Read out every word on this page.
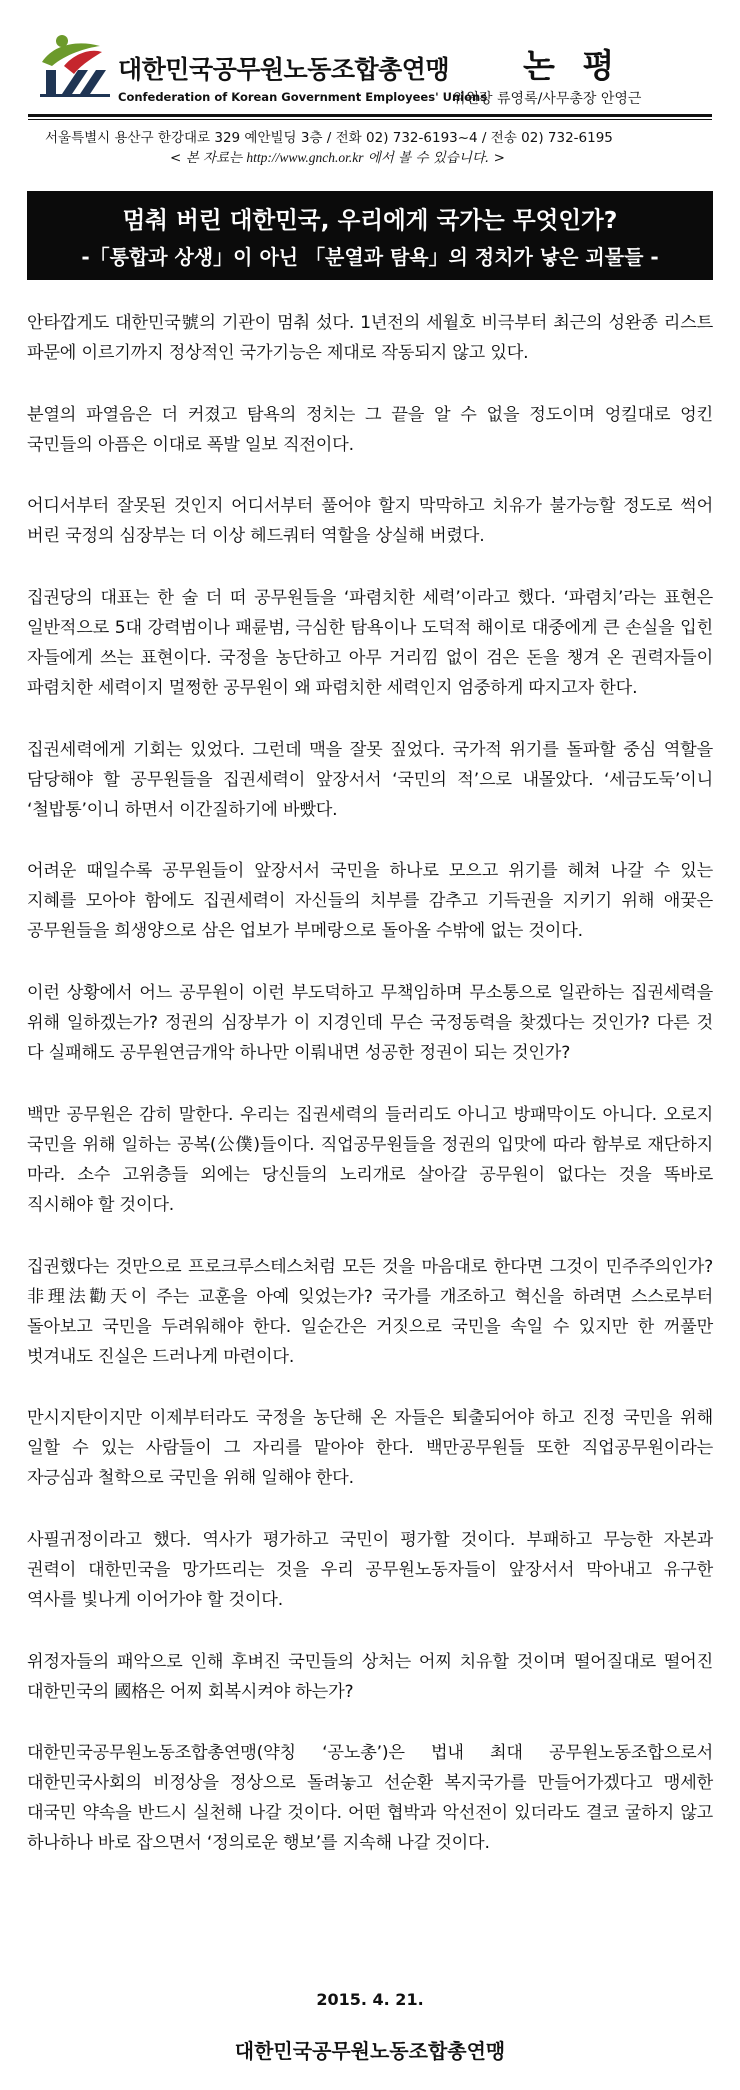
대한민국공무원노동조합총연맹
Confederation of Korean Government Employees' Unions
논 평
위원장 류영록/사무총장 안영근
서울특별시 용산구 한강대로 329 예안빌딩 3층 / 전화 02) 732-6193~4 / 전송 02) 732-6195
< 본 자료는 http://www.gnch.or.kr 에서 볼 수 있습니다. >
멈춰 버린 대한민국, 우리에게 국가는 무엇인가?
-「통합과 상생」이 아닌 「분열과 탐욕」의 정치가 낳은 괴물들 -

안타깝게도 대한민국號의 기관이 멈춰 섰다. 1년전의 세월호 비극부터 최근의 성완종 리스트 파문에 이르기까지 정상적인 국가기능은 제대로 작동되지 않고 있다.

분열의 파열음은 더 커졌고 탐욕의 정치는 그 끝을 알 수 없을 정도이며 엉킬대로 엉킨 국민들의 아픔은 이대로 폭발 일보 직전이다.

어디서부터 잘못된 것인지 어디서부터 풀어야 할지 막막하고 치유가 불가능할 정도로 썩어 버린 국정의 심장부는 더 이상 헤드쿼터 역할을 상실해 버렸다.

집권당의 대표는 한 술 더 떠 공무원들을 ‘파렴치한 세력’이라고 했다. ‘파렴치’라는 표현은 일반적으로 5대 강력범이나 패륜범, 극심한 탐욕이나 도덕적 해이로 대중에게 큰 손실을 입힌 자들에게 쓰는 표현이다. 국정을 농단하고 아무 거리낌 없이 검은 돈을 챙겨 온 권력자들이 파렴치한 세력이지 멀쩡한 공무원이 왜 파렴치한 세력인지 엄중하게 따지고자 한다.

집권세력에게 기회는 있었다. 그런데 맥을 잘못 짚었다. 국가적 위기를 돌파할 중심 역할을 담당해야 할 공무원들을 집권세력이 앞장서서 ‘국민의 적’으로 내몰았다. ‘세금도둑’이니 ‘철밥통’이니 하면서 이간질하기에 바빴다.

어려운 때일수록 공무원들이 앞장서서 국민을 하나로 모으고 위기를 헤쳐 나갈 수 있는 지혜를 모아야 함에도 집권세력이 자신들의 치부를 감추고 기득권을 지키기 위해 애꿎은 공무원들을 희생양으로 삼은 업보가 부메랑으로 돌아올 수밖에 없는 것이다.

이런 상황에서 어느 공무원이 이런 부도덕하고 무책임하며 무소통으로 일관하는 집권세력을 위해 일하겠는가? 정권의 심장부가 이 지경인데 무슨 국정동력을 찾겠다는 것인가? 다른 것 다 실패해도 공무원연금개악 하나만 이뤄내면 성공한 정권이 되는 것인가?

백만 공무원은 감히 말한다. 우리는 집권세력의 들러리도 아니고 방패막이도 아니다. 오로지 국민을 위해 일하는 공복(公僕)들이다. 직업공무원들을 정권의 입맛에 따라 함부로 재단하지 마라. 소수 고위층들 외에는 당신들의 노리개로 살아갈 공무원이 없다는 것을 똑바로 직시해야 할 것이다.

집권했다는 것만으로 프로크루스테스처럼 모든 것을 마음대로 한다면 그것이 민주주의인가? 非理法勸天이 주는 교훈을 아예 잊었는가? 국가를 개조하고 혁신을 하려면 스스로부터 돌아보고 국민을 두려워해야 한다. 일순간은 거짓으로 국민을 속일 수 있지만 한 꺼풀만 벗겨내도 진실은 드러나게 마련이다.

만시지탄이지만 이제부터라도 국정을 농단해 온 자들은 퇴출되어야 하고 진정 국민을 위해 일할 수 있는 사람들이 그 자리를 맡아야 한다. 백만공무원들 또한 직업공무원이라는 자긍심과 철학으로 국민을 위해 일해야 한다.

사필귀정이라고 했다. 역사가 평가하고 국민이 평가할 것이다. 부패하고 무능한 자본과 권력이 대한민국을 망가뜨리는 것을 우리 공무원노동자들이 앞장서서 막아내고 유구한 역사를 빛나게 이어가야 할 것이다.

위정자들의 패악으로 인해 후벼진 국민들의 상처는 어찌 치유할 것이며 떨어질대로 떨어진 대한민국의 國格은 어찌 회복시켜야 하는가?

대한민국공무원노동조합총연맹(약칭 ‘공노총’)은 법내 최대 공무원노동조합으로서 대한민국사회의 비정상을 정상으로 돌려놓고 선순환 복지국가를 만들어가겠다고 맹세한 대국민 약속을 반드시 실천해 나갈 것이다. 어떤 협박과 악선전이 있더라도 결코 굴하지 않고 하나하나 바로 잡으면서 ‘정의로운 행보’를 지속해 나갈 것이다.

2015. 4. 21.
대한민국공무원노동조합총연맹
